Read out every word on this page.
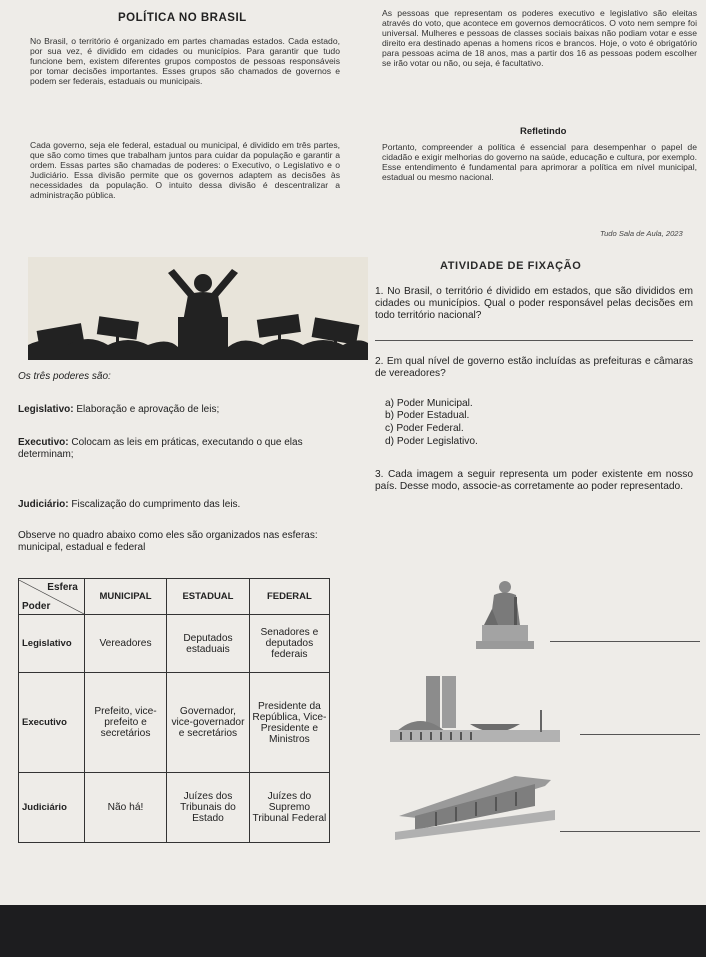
POLÍTICA NO BRASIL
No Brasil, o território é organizado em partes chamadas estados. Cada estado, por sua vez, é dividido em cidades ou municípios. Para garantir que tudo funcione bem, existem diferentes grupos compostos de pessoas responsáveis por tomar decisões importantes. Esses grupos são chamados de governos e podem ser federais, estaduais ou municipais.
Cada governo, seja ele federal, estadual ou municipal, é dividido em três partes, que são como times que trabalham juntos para cuidar da população e garantir a ordem. Essas partes são chamadas de poderes: o Executivo, o Legislativo e o Judiciário. Essa divisão permite que os governos adaptem as decisões às necessidades da população. O intuito dessa divisão é descentralizar a administração pública.
As pessoas que representam os poderes executivo e legislativo são eleitas através do voto, que acontece em governos democráticos. O voto nem sempre foi universal. Mulheres e pessoas de classes sociais baixas não podiam votar e esse direito era destinado apenas a homens ricos e brancos. Hoje, o voto é obrigatório para pessoas acima de 18 anos, mas a partir dos 16 as pessoas podem escolher se irão votar ou não, ou seja, é facultativo.
Refletindo
Portanto, compreender a política é essencial para desempenhar o papel de cidadão e exigir melhorias do governo na saúde, educação e cultura, por exemplo. Esse entendimento é fundamental para aprimorar a política em nível municipal, estadual ou mesmo nacional.
Tudo Sala de Aula, 2023
ATIVIDADE DE FIXAÇÃO
1. No Brasil, o território é dividido em estados, que são divididos em cidades ou municípios. Qual o poder responsável pelas decisões em todo território nacional?
2. Em qual nível de governo estão incluídas as prefeituras e câmaras de vereadores?
a) Poder Municipal.
b) Poder Estadual.
c) Poder Federal.
d) Poder Legislativo.
3. Cada imagem a seguir representa um poder existente em nosso país. Desse modo, associe-as corretamente ao poder representado.
Os três poderes são:
Legislativo: Elaboração e aprovação de leis;
Executivo: Colocam as leis em práticas, executando o que elas determinam;
Judiciário: Fiscalização do cumprimento das leis.
Observe no quadro abaixo como eles são organizados nas esferas: municipal, estadual e federal
Esfera
Poder	MUNICIPAL	ESTADUAL	FEDERAL
Legislativo	Vereadores	Deputados estaduais	Senadores e deputados federais
Executivo	Prefeito, vice-prefeito e secretários	Governador, vice-governador e secretários	Presidente da República, Vice-Presidente e Ministros
Judiciário	Não há!	Juízes dos Tribunais do Estado	Juízes do Supremo Tribunal Federal
